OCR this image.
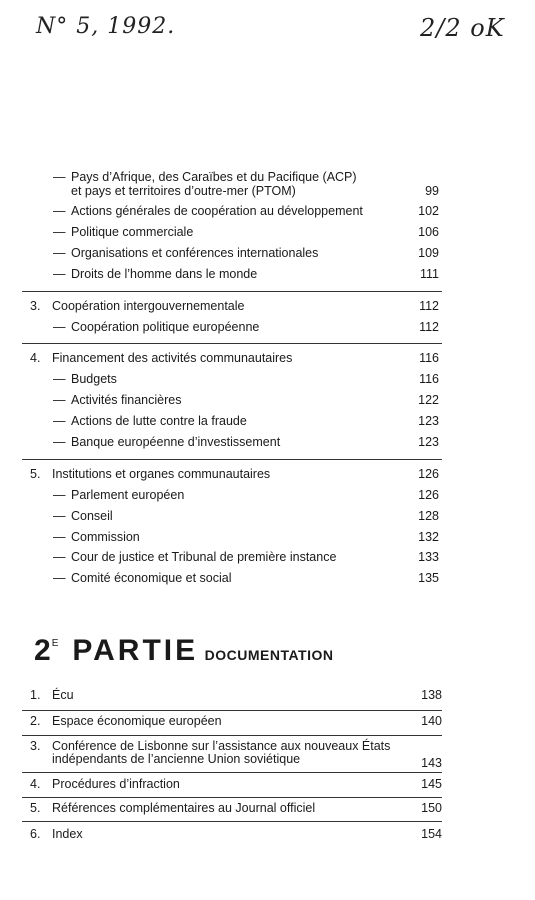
N° 5, 1992.	2/2 oK
— Pays d’Afrique, des Caraïbes et du Pacifique (ACP)
et pays et territoires d’outre-mer (PTOM)	99
— Actions générales de coopération au développement	102
— Politique commerciale	106
— Organisations et conférences internationales	109
— Droits de l’homme dans le monde	111
3. Coopération intergouvernementale	112
— Coopération politique européenne	112
4. Financement des activités communautaires	116
— Budgets	116
— Activités financières	122
— Actions de lutte contre la fraude	123
— Banque européenne d’investissement	123
5. Institutions et organes communautaires	126
— Parlement européen	126
— Conseil	128
— Commission	132
— Cour de justice et Tribunal de première instance	133
— Comité économique et social	135
$2^E$ PARTIE DOCUMENTATION
1. Écu	138
2. Espace économique européen	140
3. Conférence de Lisbonne sur l’assistance aux nouveaux États
indépendants de l’ancienne Union soviétique	143
4. Procédures d’infraction	145
5. Références complémentaires au Journal officiel	150
6. Index	154
